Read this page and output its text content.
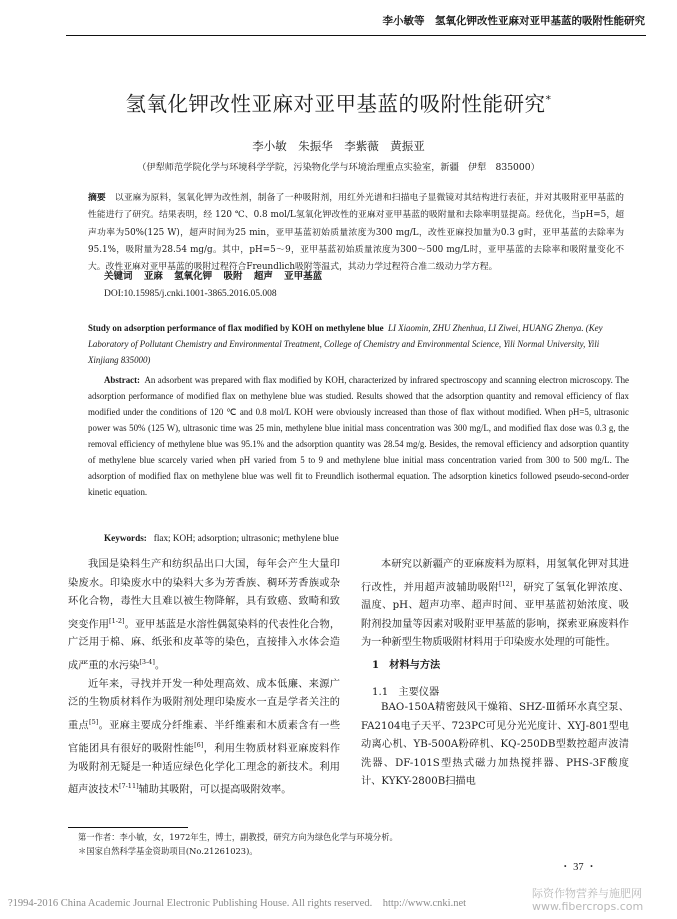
李小敏等　氢氧化钾改性亚麻对亚甲基蓝的吸附性能研究
氢氧化钾改性亚麻对亚甲基蓝的吸附性能研究*
李小敏　朱振华　李紫薇　黄振亚
（伊犁师范学院化学与环境科学学院，污染物化学与环境治理重点实验室，新疆　伊犁　835000）
摘要　 以亚麻为原料，氢氧化钾为改性剂，制备了一种吸附剂，用红外光谱和扫描电子显微镜对其结构进行表征，并对其吸附亚甲基蓝的性能进行了研究。结果表明，经 120 ℃、0.8 mol/L氢氧化钾改性的亚麻对亚甲基蓝的吸附量和去除率明显提高。经优化，当pH=5，超声功率为50%(125 W)，超声时间为25 min，亚甲基蓝初始质量浓度为300 mg/L，改性亚麻投加量为0.3 g时，亚甲基蓝的去除率为95.1%，吸附量为28.54 mg/g。其中，pH=5～9，亚甲基蓝初始质量浓度为300～500 mg/L时，亚甲基蓝的去除率和吸附量变化不大。改性亚麻对亚甲基蓝的吸附过程符合Freundlich吸附等温式，其动力学过程符合准二级动力学方程。
关键词 亚麻 氢氧化钾 吸附 超声 亚甲基蓝
DOI:10.15985/j.cnki.1001-3865.2016.05.008
Study on adsorption performance of flax modified by KOH on methylene blue LI Xiaomin, ZHU Zhenhua, LI Ziwei, HUANG Zhenya. (Key Laboratory of Pollutant Chemistry and Environmental Treatment, College of Chemistry and Environmental Science, Yili Normal University, Yili Xinjiang 835000)
Abstract: An adsorbent was prepared with flax modified by KOH, characterized by infrared spectroscopy and scanning electron microscopy. The adsorption performance of modified flax on methylene blue was studied. Results showed that the adsorption quantity and removal efficiency of flax modified under the conditions of 120 ℃ and 0.8 mol/L KOH were obviously increased than those of flax without modified. When pH=5, ultrasonic power was 50% (125 W), ultrasonic time was 25 min, methylene blue initial mass concentration was 300 mg/L, and modified flax dose was 0.3 g, the removal efficiency of methylene blue was 95.1% and the adsorption quantity was 28.54 mg/g. Besides, the removal efficiency and adsorption quantity of methylene blue scarcely varied when pH varied from 5 to 9 and methylene blue initial mass concentration varied from 300 to 500 mg/L. The adsorption of modified flax on methylene blue was well fit to Freundlich isothermal equation. The adsorption kinetics followed pseudo-second-order kinetic equation.
Keywords: flax; KOH; adsorption; ultrasonic; methylene blue

我国是染料生产和纺织品出口大国，每年会产生大量印染废水。印染废水中的染料大多为芳香族、稠环芳香族或杂环化合物，毒性大且难以被生物降解，具有致癌、致畸和致突变作用[1-2]。亚甲基蓝是水溶性偶氮染料的代表性化合物，广泛用于棉、麻、纸张和皮革等的染色，直接排入水体会造成严重的水污染[3-4]。

近年来，寻找并开发一种处理高效、成本低廉、来源广泛的生物质材料作为吸附剂处理印染废水一直是学者关注的重点[5]。亚麻主要成分纤维素、半纤维素和木质素含有一些官能团具有很好的吸附性能[6]，利用生物质材料亚麻废料作为吸附剂无疑是一种适应绿色化学化工理念的新技术。利用超声波技术[7-11]辅助其吸附，可以提高吸附效率。

本研究以新疆产的亚麻废料为原料，用氢氧化钾对其进行改性，并用超声波辅助吸附[12]，研究了氢氧化钾浓度、温度、pH、超声功率、超声时间、亚甲基蓝初始浓度、吸附剂投加量等因素对吸附亚甲基蓝的影响，探索亚麻废料作为一种新型生物质吸附材料用于印染废水处理的可能性。

1　材料与方法
1.1　主要仪器

BAO-150A精密鼓风干燥箱、SHZ-Ⅲ循环水真空泵、FA2104电子天平、723PC可见分光光度计、XYJ-801型电动离心机、YB-500A粉碎机、KQ-250DB型数控超声波清洗器、DF-101S型热式磁力加热搅拌器、PHS-3F酸度计、KYKY-2800B扫描电

第一作者：李小敏，女，1972年生，博士，副教授，研究方向为绿色化学与环境分析。
＊国家自然科学基金资助项目(No.21261023)。
・ 37 ・
?1994-2016 China Academic Journal Electronic Publishing House. All rights reserved.　http://www.cnki.net
际资作物营养与施肥网
www.fibercrops.com
